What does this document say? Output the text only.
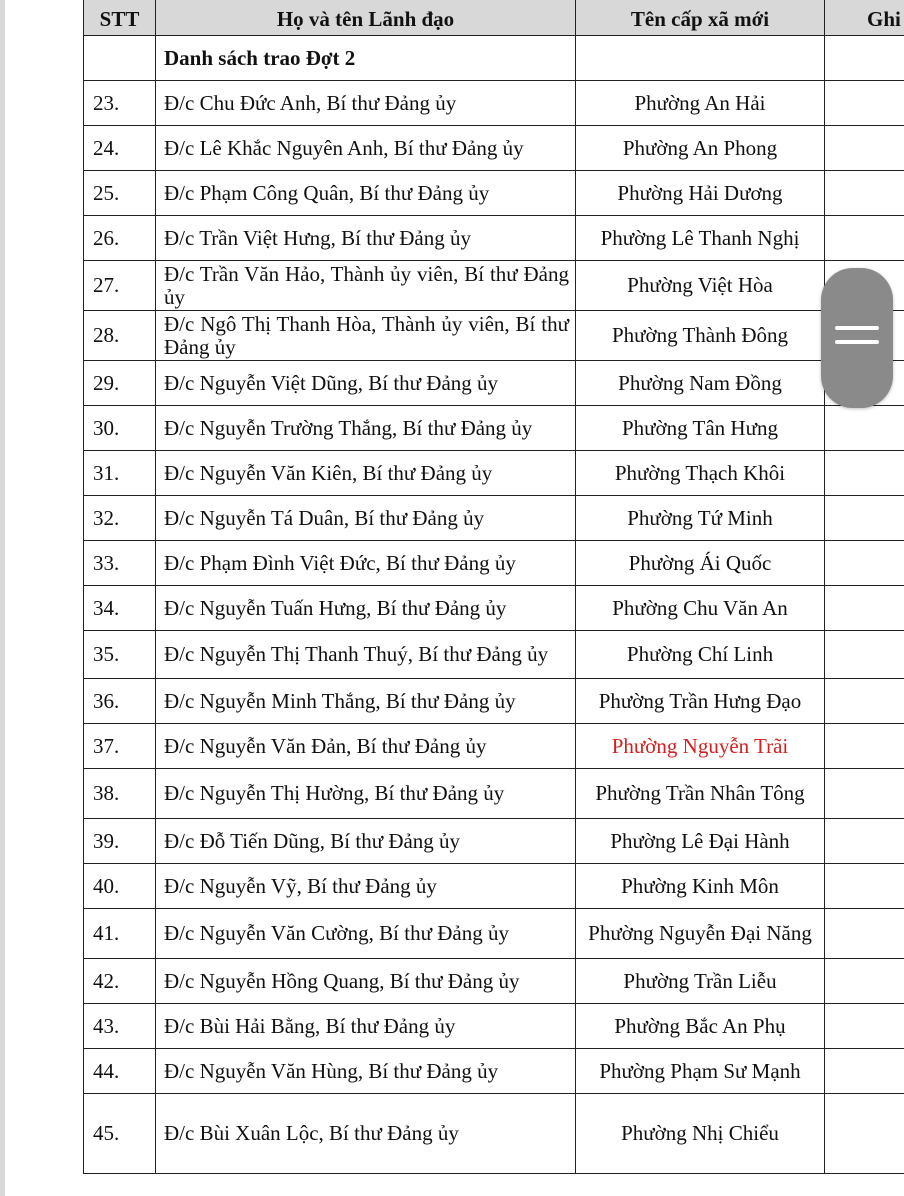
STT	Họ và tên Lãnh đạo	Tên cấp xã mới	Ghi
	Danh sách trao Đợt 2		
23.	Đ/c Chu Đức Anh, Bí thư Đảng ủy	Phường An Hải	
24.	Đ/c Lê Khắc Nguyên Anh, Bí thư Đảng ủy	Phường An Phong	
25.	Đ/c Phạm Công Quân, Bí thư Đảng ủy	Phường Hải Dương	
26.	Đ/c Trần Việt Hưng, Bí thư Đảng ủy	Phường Lê Thanh Nghị	
27.	Đ/c Trần Văn Hảo, Thành ủy viên, Bí thư Đảng ủy	Phường Việt Hòa	
28.	Đ/c Ngô Thị Thanh Hòa, Thành ủy viên, Bí thư Đảng ủy	Phường Thành Đông	
29.	Đ/c Nguyễn Việt Dũng, Bí thư Đảng ủy	Phường Nam Đồng	
30.	Đ/c Nguyễn Trường Thắng, Bí thư Đảng ủy	Phường Tân Hưng	
31.	Đ/c Nguyễn Văn Kiên, Bí thư Đảng ủy	Phường Thạch Khôi	
32.	Đ/c Nguyễn Tá Duân, Bí thư Đảng ủy	Phường Tứ Minh	
33.	Đ/c Phạm Đình Việt Đức, Bí thư Đảng ủy	Phường Ái Quốc	
34.	Đ/c Nguyễn Tuấn Hưng, Bí thư Đảng ủy	Phường Chu Văn An	
35.	Đ/c Nguyễn Thị Thanh Thuý, Bí thư Đảng ủy	Phường Chí Linh	
36.	Đ/c Nguyễn Minh Thắng, Bí thư Đảng ủy	Phường Trần Hưng Đạo	
37.	Đ/c Nguyễn Văn Đản, Bí thư Đảng ủy	Phường Nguyễn Trãi	
38.	Đ/c Nguyễn Thị Hường, Bí thư Đảng ủy	Phường Trần Nhân Tông	
39.	Đ/c Đỗ Tiến Dũng, Bí thư Đảng ủy	Phường Lê Đại Hành	
40.	Đ/c Nguyễn Vỹ, Bí thư Đảng ủy	Phường Kinh Môn	
41.	Đ/c Nguyễn Văn Cường, Bí thư Đảng ủy	Phường Nguyễn Đại Năng	
42.	Đ/c Nguyễn Hồng Quang, Bí thư Đảng ủy	Phường Trần Liễu	
43.	Đ/c Bùi Hải Bằng, Bí thư Đảng ủy	Phường Bắc An Phụ	
44.	Đ/c Nguyễn Văn Hùng, Bí thư Đảng ủy	Phường Phạm Sư Mạnh	
45.	Đ/c Bùi Xuân Lộc, Bí thư Đảng ủy	Phường Nhị Chiểu	
